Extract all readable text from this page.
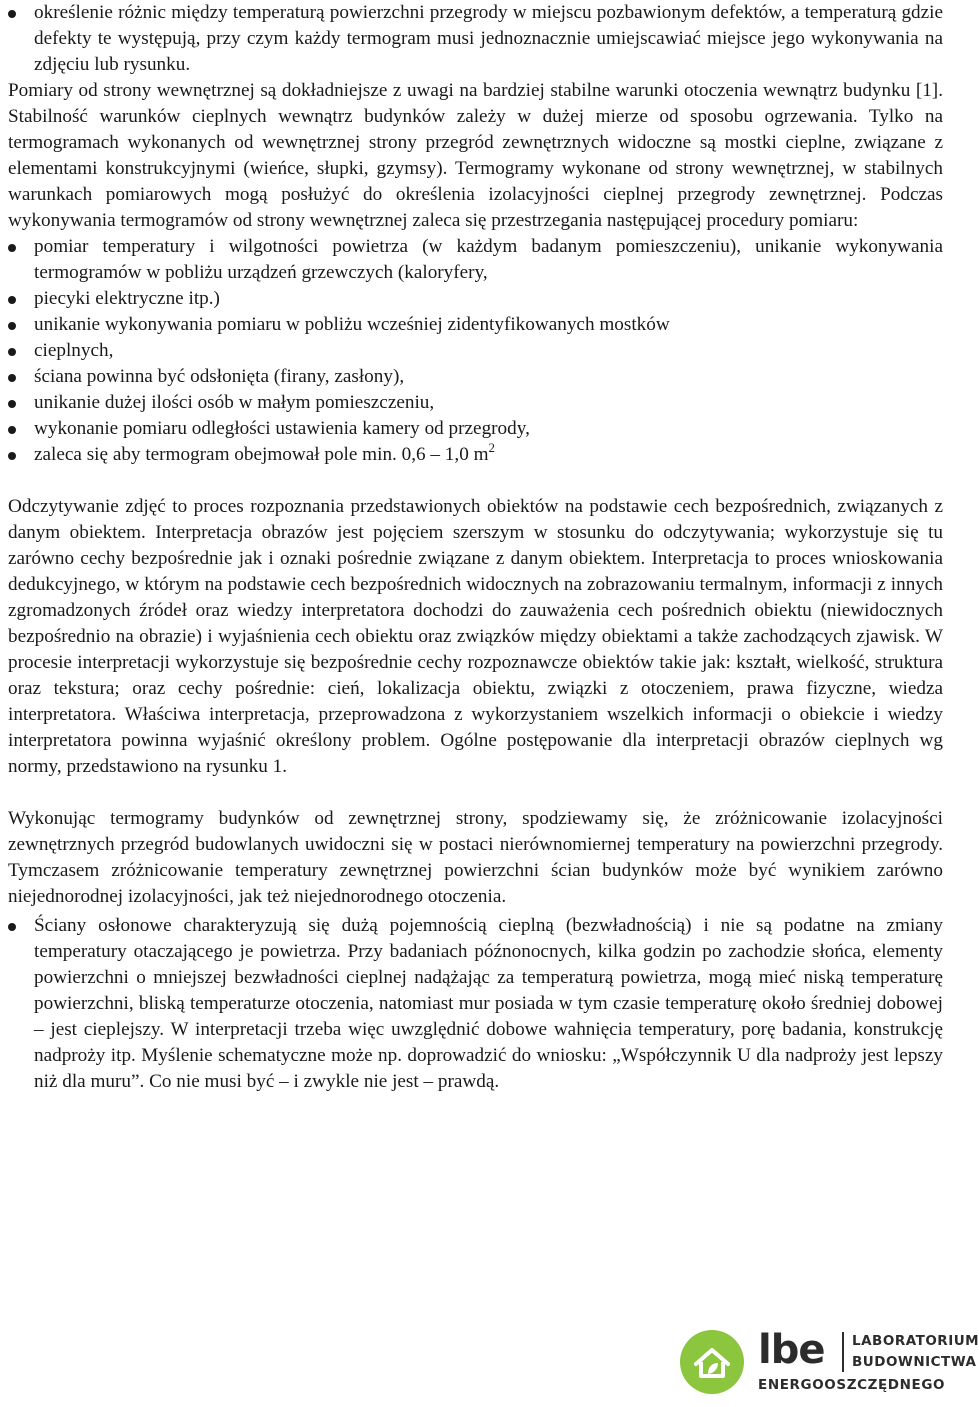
określenie różnic między temperaturą powierzchni przegrody w miejscu pozbawionym defektów, a temperaturą gdzie defekty te występują, przy czym każdy termogram musi jednoznacznie umiejscawiać miejsce jego wykonywania na zdjęciu lub rysunku.

Pomiary od strony wewnętrznej są dokładniejsze z uwagi na bardziej stabilne warunki otoczenia wewnątrz budynku [1]. Stabilność warunków cieplnych wewnątrz budynków zależy w dużej mierze od sposobu ogrzewania. Tylko na termogramach wykonanych od wewnętrznej strony przegród zewnętrznych widoczne są mostki cieplne, związane z elementami konstrukcyjnymi (wieńce, słupki, gzymsy). Termogramy wykonane od strony wewnętrznej, w stabilnych warunkach pomiarowych mogą posłużyć do określenia izolacyjności cieplnej przegrody zewnętrznej. Podczas wykonywania termogramów od strony wewnętrznej zaleca się przestrzegania następującej procedury pomiaru:

pomiar temperatury i wilgotności powietrza (w każdym badanym pomieszczeniu), unikanie wykonywania termogramów w pobliżu urządzeń grzewczych (kaloryfery,
piecyki elektryczne itp.)
unikanie wykonywania pomiaru w pobliżu wcześniej zidentyfikowanych mostków
cieplnych,
ściana powinna być odsłonięta (firany, zasłony),
unikanie dużej ilości osób w małym pomieszczeniu,
wykonanie pomiaru odległości ustawienia kamery od przegrody,
zaleca się aby termogram obejmował pole min. 0,6 – 1,0 $m^2$

Odczytywanie zdjęć to proces rozpoznania przedstawionych obiektów na podstawie cech bezpośrednich, związanych z danym obiektem. Interpretacja obrazów jest pojęciem szerszym w stosunku do odczytywania; wykorzystuje się tu zarówno cechy bezpośrednie jak i oznaki pośrednie związane z danym obiektem. Interpretacja to proces wnioskowania dedukcyjnego, w którym na podstawie cech bezpośrednich widocznych na zobrazowaniu termalnym, informacji z innych zgromadzonych źródeł oraz wiedzy interpretatora dochodzi do zauważenia cech pośrednich obiektu (niewidocznych bezpośrednio na obrazie) i wyjaśnienia cech obiektu oraz związków między obiektami a także zachodzących zjawisk. W procesie interpretacji wykorzystuje się bezpośrednie cechy rozpoznawcze obiektów takie jak: kształt, wielkość, struktura oraz tekstura; oraz cechy pośrednie: cień, lokalizacja obiektu, związki z otoczeniem, prawa fizyczne, wiedza interpretatora. Właściwa interpretacja, przeprowadzona z wykorzystaniem wszelkich informacji o obiekcie i wiedzy interpretatora powinna wyjaśnić określony problem. Ogólne postępowanie dla interpretacji obrazów cieplnych wg normy, przedstawiono na rysunku 1.

Wykonując termogramy budynków od zewnętrznej strony, spodziewamy się, że zróżnicowanie izolacyjności zewnętrznych przegród budowlanych uwidoczni się w postaci nierównomiernej temperatury na powierzchni przegrody. Tymczasem zróżnicowanie temperatury zewnętrznej powierzchni ścian budynków może być wynikiem zarówno niejednorodnej izolacyjności, jak też niejednorodnego otoczenia.

Ściany osłonowe charakteryzują się dużą pojemnością cieplną (bezwładnością) i nie są podatne na zmiany temperatury otaczającego je powietrza. Przy badaniach późnonocnych, kilka godzin po zachodzie słońca, elementy powierzchni o mniejszej bezwładności cieplnej nadążając za temperaturą powietrza, mogą mieć niską temperaturę powierzchni, bliską temperaturze otoczenia, natomiast mur posiada w tym czasie temperaturę około średniej dobowej – jest cieplejszy. W interpretacji trzeba więc uwzględnić dobowe wahnięcia temperatury, porę badania, konstrukcję nadproży itp. Myślenie schematyczne może np. doprowadzić do wniosku: „Współczynnik U dla nadproży jest lepszy niż dla muru”. Co nie musi być – i zwykle nie jest – prawdą.
lbe LABORATORIUM
BUDOWNICTWA
ENERGOOSZCZĘDNEGO
